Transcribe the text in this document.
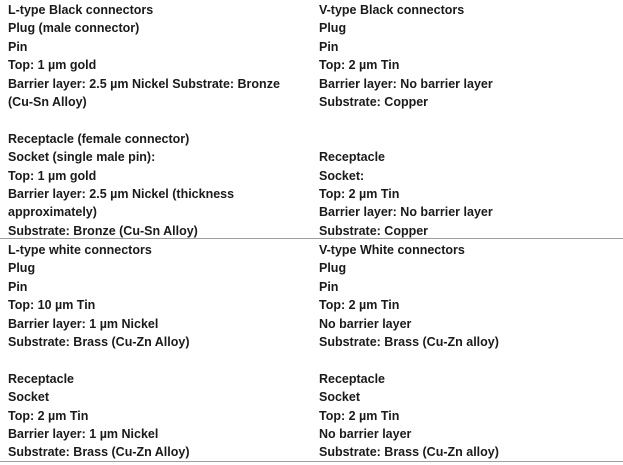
L-type Black connectors
Plug (male connector)
Pin
Top: 1 µm gold
Barrier layer: 2.5 µm Nickel Substrate: Bronze
(Cu-Sn Alloy)
Receptacle (female connector)
Socket (single male pin):
Top: 1 µm gold
Barrier layer: 2.5 µm Nickel (thickness
approximately)
Substrate: Bronze (Cu-Sn Alloy)
V-type Black connectors
Plug
Pin
Top: 2 µm Tin
Barrier layer: No barrier layer
Substrate: Copper
Receptacle
Socket:
Top: 2 µm Tin
Barrier layer: No barrier layer
Substrate: Copper
L-type white connectors
Plug
Pin
Top: 10 µm Tin
Barrier layer: 1 µm Nickel
Substrate: Brass (Cu-Zn Alloy)
Receptacle
Socket
Top: 2 µm Tin
Barrier layer: 1 µm Nickel
Substrate: Brass (Cu-Zn Alloy)
V-type White connectors
Plug
Pin
Top: 2 µm Tin
No barrier layer
Substrate: Brass (Cu-Zn alloy)
Receptacle
Socket
Top: 2 µm Tin
No barrier layer
Substrate: Brass (Cu-Zn alloy)
